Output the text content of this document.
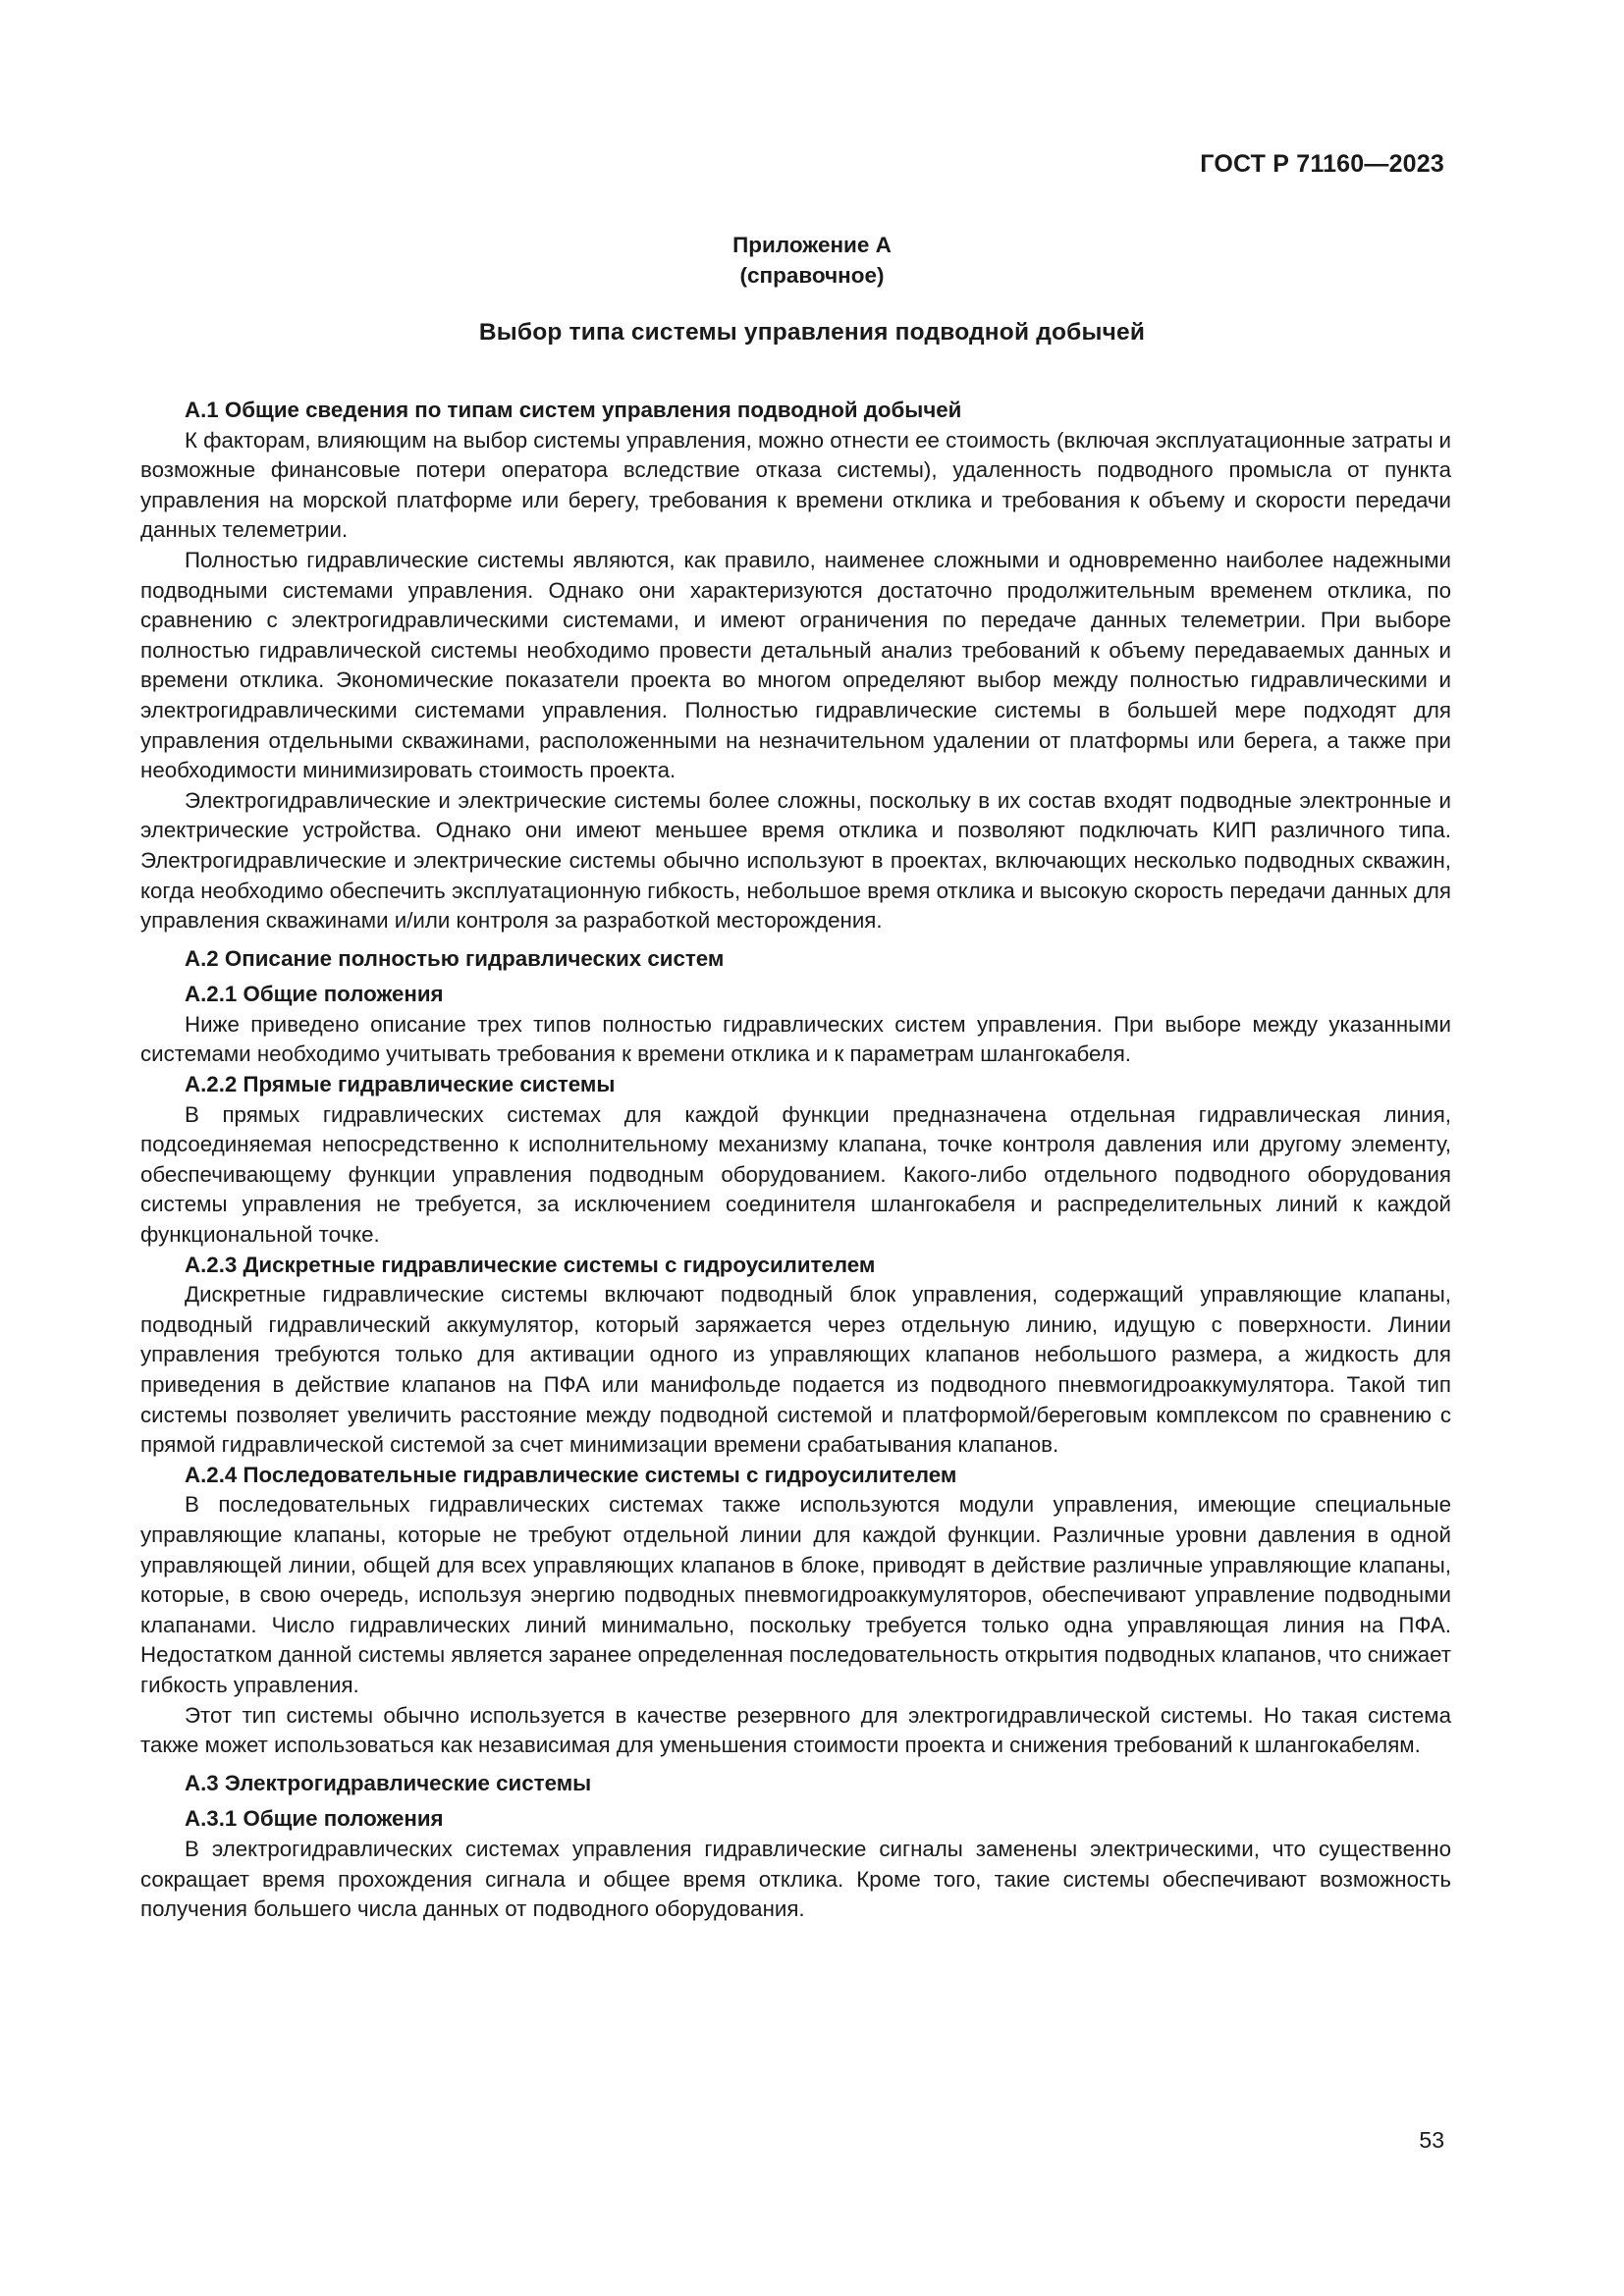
ГОСТ Р 71160—2023
Приложение А
(справочное)
Выбор типа системы управления подводной добычей
А.1 Общие сведения по типам систем управления подводной добычей

К факторам, влияющим на выбор системы управления, можно отнести ее стоимость (включая эксплуатационные затраты и возможные финансовые потери оператора вследствие отказа системы), удаленность подводного промысла от пункта управления на морской платформе или берегу, требования к времени отклика и требования к объему и скорости передачи данных телеметрии.

Полностью гидравлические системы являются, как правило, наименее сложными и одновременно наиболее надежными подводными системами управления. Однако они характеризуются достаточно продолжительным временем отклика, по сравнению с электрогидравлическими системами, и имеют ограничения по передаче данных телеметрии. При выборе полностью гидравлической системы необходимо провести детальный анализ требований к объему передаваемых данных и времени отклика. Экономические показатели проекта во многом определяют выбор между полностью гидравлическими и электрогидравлическими системами управления. Полностью гидравлические системы в большей мере подходят для управления отдельными скважинами, расположенными на незначительном удалении от платформы или берега, а также при необходимости минимизировать стоимость проекта.

Электрогидравлические и электрические системы более сложны, поскольку в их состав входят подводные электронные и электрические устройства. Однако они имеют меньшее время отклика и позволяют подключать КИП различного типа. Электрогидравлические и электрические системы обычно используют в проектах, включающих несколько подводных скважин, когда необходимо обеспечить эксплуатационную гибкость, небольшое время отклика и высокую скорость передачи данных для управления скважинами и/или контроля за разработкой месторождения.

А.2 Описание полностью гидравлических систем
А.2.1 Общие положения

Ниже приведено описание трех типов полностью гидравлических систем управления. При выборе между указанными системами необходимо учитывать требования к времени отклика и к параметрам шлангокабеля.

А.2.2 Прямые гидравлические системы

В прямых гидравлических системах для каждой функции предназначена отдельная гидравлическая линия, подсоединяемая непосредственно к исполнительному механизму клапана, точке контроля давления или другому элементу, обеспечивающему функции управления подводным оборудованием. Какого-либо отдельного подводного оборудования системы управления не требуется, за исключением соединителя шлангокабеля и распределительных линий к каждой функциональной точке.

А.2.3 Дискретные гидравлические системы с гидроусилителем

Дискретные гидравлические системы включают подводный блок управления, содержащий управляющие клапаны, подводный гидравлический аккумулятор, который заряжается через отдельную линию, идущую с поверхности. Линии управления требуются только для активации одного из управляющих клапанов небольшого размера, а жидкость для приведения в действие клапанов на ПФА или манифольде подается из подводного пневмогидроаккумулятора. Такой тип системы позволяет увеличить расстояние между подводной системой и платформой/береговым комплексом по сравнению с прямой гидравлической системой за счет минимизации времени срабатывания клапанов.

А.2.4 Последовательные гидравлические системы с гидроусилителем

В последовательных гидравлических системах также используются модули управления, имеющие специальные управляющие клапаны, которые не требуют отдельной линии для каждой функции. Различные уровни давления в одной управляющей линии, общей для всех управляющих клапанов в блоке, приводят в действие различные управляющие клапаны, которые, в свою очередь, используя энергию подводных пневмогидроаккумуляторов, обеспечивают управление подводными клапанами. Число гидравлических линий минимально, поскольку требуется только одна управляющая линия на ПФА. Недостатком данной системы является заранее определенная последовательность открытия подводных клапанов, что снижает гибкость управления.

Этот тип системы обычно используется в качестве резервного для электрогидравлической системы. Но такая система также может использоваться как независимая для уменьшения стоимости проекта и снижения требований к шлангокабелям.

А.3 Электрогидравлические системы
А.3.1 Общие положения

В электрогидравлических системах управления гидравлические сигналы заменены электрическими, что существенно сокращает время прохождения сигнала и общее время отклика. Кроме того, такие системы обеспечивают возможность получения большего числа данных от подводного оборудования.

53
